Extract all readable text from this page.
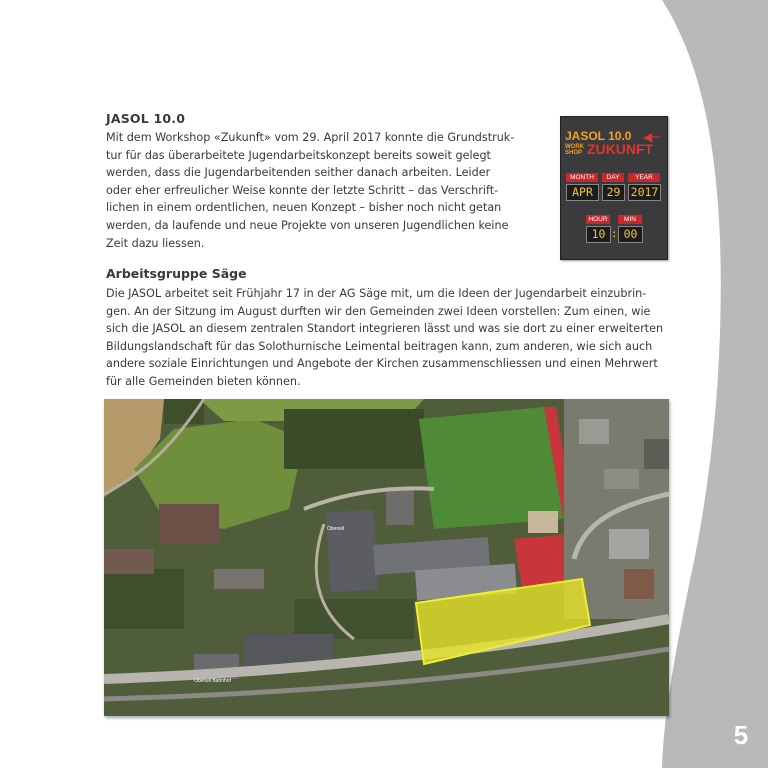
JASOL 10.0
Mit dem Workshop «Zukunft» vom 29. April 2017 konnte die Grundstruk-
tur für das überarbeitete Jugendarbeitskonzept bereits soweit gelegt
werden, dass die Jugendarbeitenden seither danach arbeiten. Leider
oder eher erfreulicher Weise konnte der letzte Schritt – das Verschrift-
lichen in einem ordentlichen, neuen Konzept – bisher noch nicht getan
werden, da laufende und neue Projekte von unseren Jugendlichen keine
Zeit dazu liessen.
JASOL 10.0 ◀─
WORK
SHOP ZUKUNFT
MONTH	DAY	YEAR
APR	29 2017
HOUR	MIN
10 : 00
Arbeitsgruppe Säge
Die JASOL arbeitet seit Frühjahr 17 in der AG Säge mit, um die Ideen der Jugendarbeit einzubrin-
gen. An der Sitzung im August durften wir den Gemeinden zwei Ideen vorstellen: Zum einen, wie
sich die JASOL an diesem zentralen Standort integrieren lässt und was sie dort zu einer erweiterten
Bildungslandschaft für das Solothurnische Leimental beitragen kann, zum anderen, wie sich auch
andere soziale Einrichtungen und Angebote der Kirchen zusammenschliessen und einen Mehrwert
für alle Gemeinden bieten können.
Oberwil
Oberwil Bahnhof
5
